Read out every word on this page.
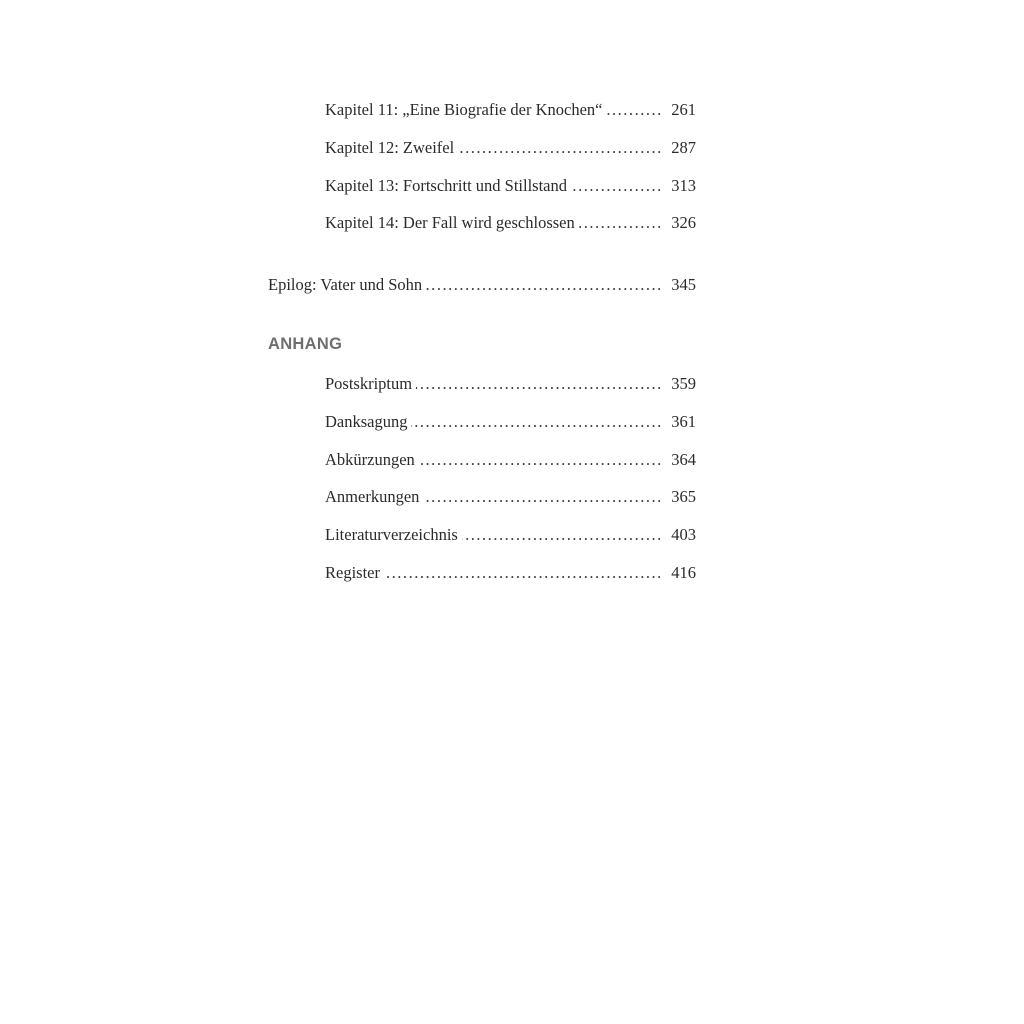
Kapitel 11: „Eine Biografie der Knochen“ . . .	261
Kapitel 12: Zweifel . . .	287
Kapitel 13: Fortschritt und Stillstand . . .	313
Kapitel 14: Der Fall wird geschlossen . . .	326
Epilog: Vater und Sohn . . .	345
ANHANG
Postskriptum . . .	359
Danksagung . . .	361
Abkürzungen . . .	364
Anmerkungen . . .	365
Literaturverzeichnis . . .	403
Register . . .	416
